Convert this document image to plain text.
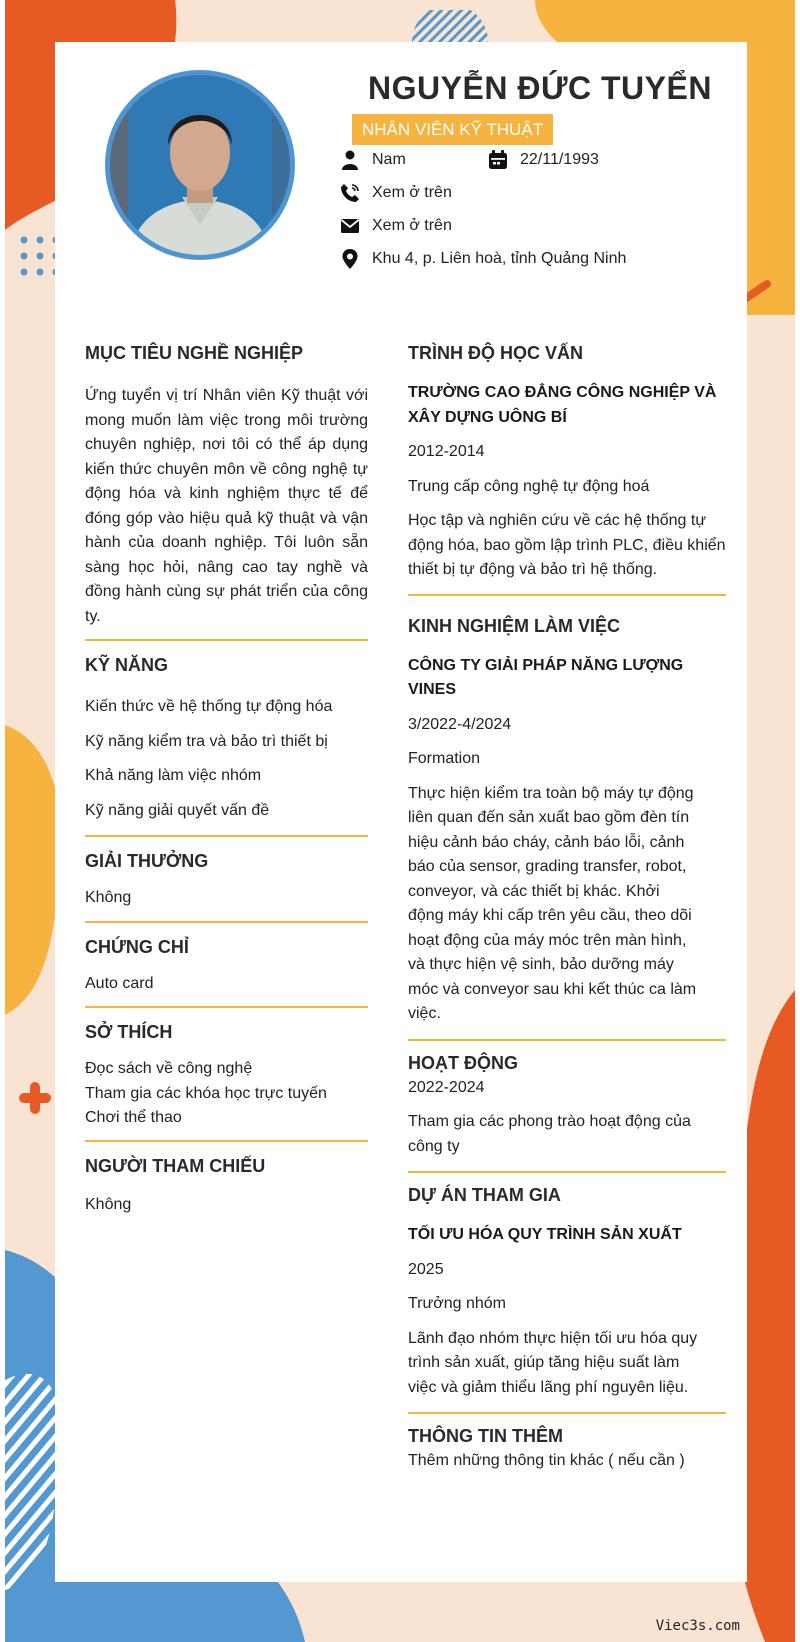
NGUYỄN ĐỨC TUYỂN
NHÂN VIÊN KỸ THUẬT
Nam	22/11/1993
Xem ở trên
Xem ở trên
Khu 4, p. Liên hoà, tỉnh Quảng Ninh
MỤC TIÊU NGHỀ NGHIỆP

Ứng tuyển vị trí Nhân viên Kỹ thuật với mong muốn làm việc trong môi trường chuyên nghiệp, nơi tôi có thể áp dụng kiến thức chuyên môn về công nghệ tự động hóa và kinh nghiệm thực tế để đóng góp vào hiệu quả kỹ thuật và vận hành của doanh nghiệp. Tôi luôn sẵn sàng học hỏi, nâng cao tay nghề và đồng hành cùng sự phát triển của công ty.

KỸ NĂNG

Kiến thức về hệ thống tự động hóa

Kỹ năng kiểm tra và bảo trì thiết bị

Khả năng làm việc nhóm

Kỹ năng giải quyết vấn đề

GIẢI THƯỞNG

Không

CHỨNG CHỈ

Auto card

SỞ THÍCH

Đọc sách về công nghệ

Tham gia các khóa học trực tuyến

Chơi thể thao

NGƯỜI THAM CHIẾU

Không

TRÌNH ĐỘ HỌC VẤN
TRƯỜNG CAO ĐẲNG CÔNG NGHIỆP VÀ XÂY DỰNG UÔNG BÍ

2012-2014

Trung cấp công nghệ tự động hoá

Học tập và nghiên cứu về các hệ thống tự động hóa, bao gồm lập trình PLC, điều khiển thiết bị tự động và bảo trì hệ thống.

KINH NGHIỆM LÀM VIỆC
CÔNG TY GIẢI PHÁP NĂNG LƯỢNG VINES

3/2022-4/2024

Formation

Thực hiện kiểm tra toàn bộ máy tự động liên quan đến sản xuất bao gồm đèn tín hiệu cảnh báo cháy, cảnh báo lỗi, cảnh báo của sensor, grading transfer, robot, conveyor, và các thiết bị khác. Khởi động máy khi cấp trên yêu cầu, theo dõi hoạt động của máy móc trên màn hình, và thực hiện vệ sinh, bảo dưỡng máy móc và conveyor sau khi kết thúc ca làm việc.

HOẠT ĐỘNG

2022-2024

Tham gia các phong trào hoạt động của công ty

DỰ ÁN THAM GIA
TỐI ƯU HÓA QUY TRÌNH SẢN XUẤT

2025

Trưởng nhóm

Lãnh đạo nhóm thực hiện tối ưu hóa quy trình sản xuất, giúp tăng hiệu suất làm việc và giảm thiểu lãng phí nguyên liệu.

THÔNG TIN THÊM

Thêm những thông tin khác ( nếu cần )

Viec3s.com
